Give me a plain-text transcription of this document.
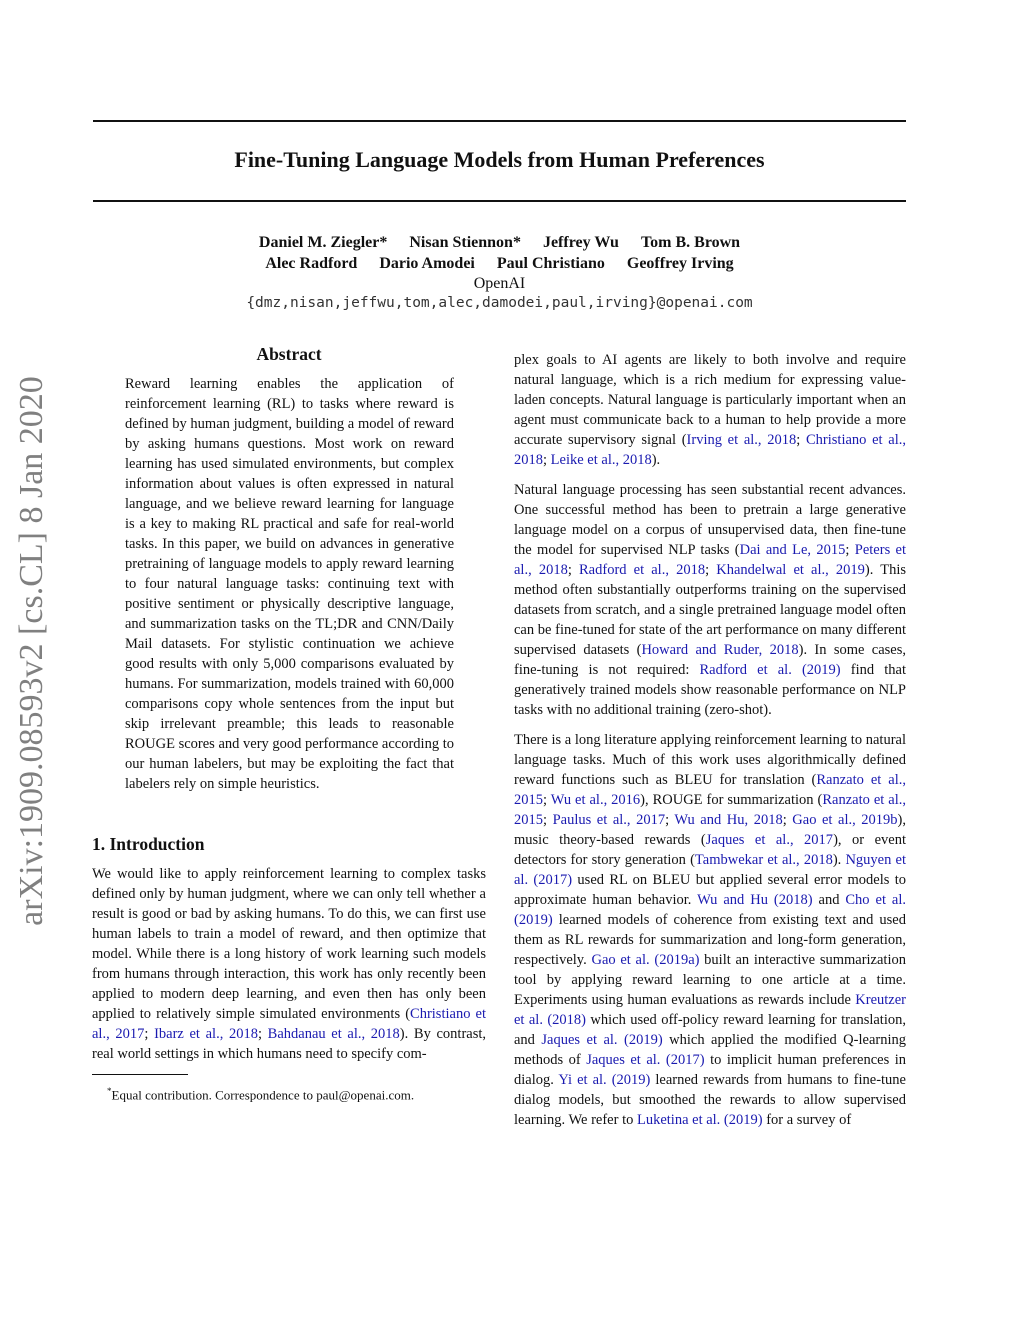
arXiv:1909.08593v2 [cs.CL] 8 Jan 2020
Fine-Tuning Language Models from Human Preferences
Daniel M. Ziegler* Nisan Stiennon* Jeffrey Wu Tom B. Brown
Alec Radford Dario Amodei Paul Christiano Geoffrey Irving
OpenAI
{dmz,nisan,jeffwu,tom,alec,damodei,paul,irving}@openai.com
Abstract

Reward learning enables the application of reinforcement learning (RL) to tasks where reward is defined by human judgment, building a model of reward by asking humans questions. Most work on reward learning has used simulated environments, but complex information about values is often expressed in natural language, and we believe reward learning for language is a key to making RL practical and safe for real-world tasks. In this paper, we build on advances in generative pretraining of language models to apply reward learning to four natural language tasks: continuing text with positive sentiment or physically descriptive language, and summarization tasks on the TL;DR and CNN/Daily Mail datasets. For stylistic continuation we achieve good results with only 5,000 comparisons evaluated by humans. For summarization, models trained with 60,000 comparisons copy whole sentences from the input but skip irrelevant preamble; this leads to reasonable ROUGE scores and very good performance according to our human labelers, but may be exploiting the fact that labelers rely on simple heuristics.

1. Introduction

We would like to apply reinforcement learning to complex tasks defined only by human judgment, where we can only tell whether a result is good or bad by asking humans. To do this, we can first use human labels to train a model of reward, and then optimize that model. While there is a long history of work learning such models from humans through interaction, this work has only recently been applied to modern deep learning, and even then has only been applied to relatively simple simulated environments (Christiano et al., 2017; Ibarz et al., 2018; Bahdanau et al., 2018). By contrast, real world settings in which humans need to specify com-

*Equal contribution. Correspondence to paul@openai.com.

plex goals to AI agents are likely to both involve and require natural language, which is a rich medium for expressing value-laden concepts. Natural language is particularly important when an agent must communicate back to a human to help provide a more accurate supervisory signal (Irving et al., 2018; Christiano et al., 2018; Leike et al., 2018).

Natural language processing has seen substantial recent advances. One successful method has been to pretrain a large generative language model on a corpus of unsupervised data, then fine-tune the model for supervised NLP tasks (Dai and Le, 2015; Peters et al., 2018; Radford et al., 2018; Khandelwal et al., 2019). This method often substantially outperforms training on the supervised datasets from scratch, and a single pretrained language model often can be fine-tuned for state of the art performance on many different supervised datasets (Howard and Ruder, 2018). In some cases, fine-tuning is not required: Radford et al. (2019) find that generatively trained models show reasonable performance on NLP tasks with no additional training (zero-shot).

There is a long literature applying reinforcement learning to natural language tasks. Much of this work uses algorithmically defined reward functions such as BLEU for translation (Ranzato et al., 2015; Wu et al., 2016), ROUGE for summarization (Ranzato et al., 2015; Paulus et al., 2017; Wu and Hu, 2018; Gao et al., 2019b), music theory-based rewards (Jaques et al., 2017), or event detectors for story generation (Tambwekar et al., 2018). Nguyen et al. (2017) used RL on BLEU but applied several error models to approximate human behavior. Wu and Hu (2018) and Cho et al. (2019) learned models of coherence from existing text and used them as RL rewards for summarization and long-form generation, respectively. Gao et al. (2019a) built an interactive summarization tool by applying reward learning to one article at a time. Experiments using human evaluations as rewards include Kreutzer et al. (2018) which used off-policy reward learning for translation, and Jaques et al. (2019) which applied the modified Q-learning methods of Jaques et al. (2017) to implicit human preferences in dialog. Yi et al. (2019) learned rewards from humans to fine-tune dialog models, but smoothed the rewards to allow supervised learning. We refer to Luketina et al. (2019) for a survey of
